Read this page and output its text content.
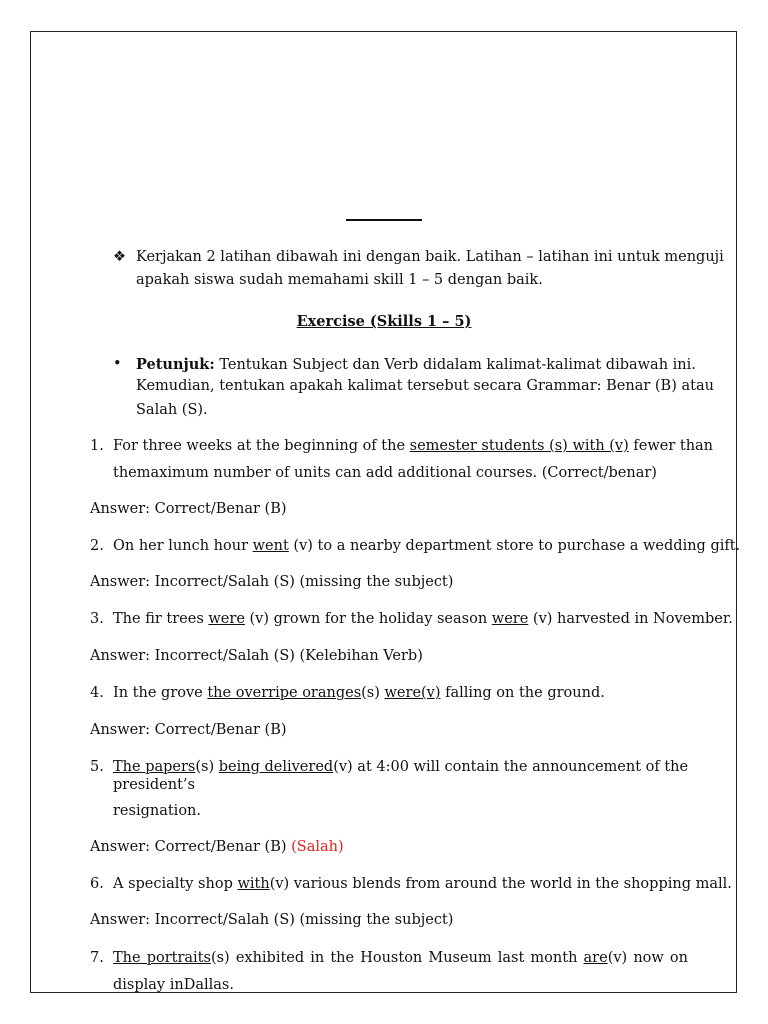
❖ Kerjakan 2 latihan dibawah ini dengan baik. Latihan – latihan ini untuk menguji
apakah siswa sudah memahami skill 1 – 5 dengan baik.
Exercise (Skills 1 – 5)
• Petunjuk: Tentukan Subject dan Verb didalam kalimat-kalimat dibawah ini.
Kemudian, tentukan apakah kalimat tersebut secara Grammar: Benar (B) atau
Salah (S).
1. For three weeks at the beginning of the semester students (s) with (v) fewer than
themaximum number of units can add additional courses. (Correct/benar)
Answer: Correct/Benar (B)
2. On her lunch hour went (v) to a nearby department store to purchase a wedding gift.
Answer: Incorrect/Salah (S) (missing the subject)
3. The fir trees were (v) grown for the holiday season were (v) harvested in November.
Answer: Incorrect/Salah (S) (Kelebihan Verb)
4. In the grove the overripe oranges(s) were(v) falling on the ground.
Answer: Correct/Benar (B)
5. The papers(s) being delivered(v) at 4:00 will contain the announcement of the
president’s
resignation.
Answer: Correct/Benar (B) (Salah)
6. A specialty shop with(v) various blends from around the world in the shopping mall.
Answer: Incorrect/Salah (S) (missing the subject)
7. The portraits(s) exhibited in the Houston Museum last month are(v) now on
display inDallas.
